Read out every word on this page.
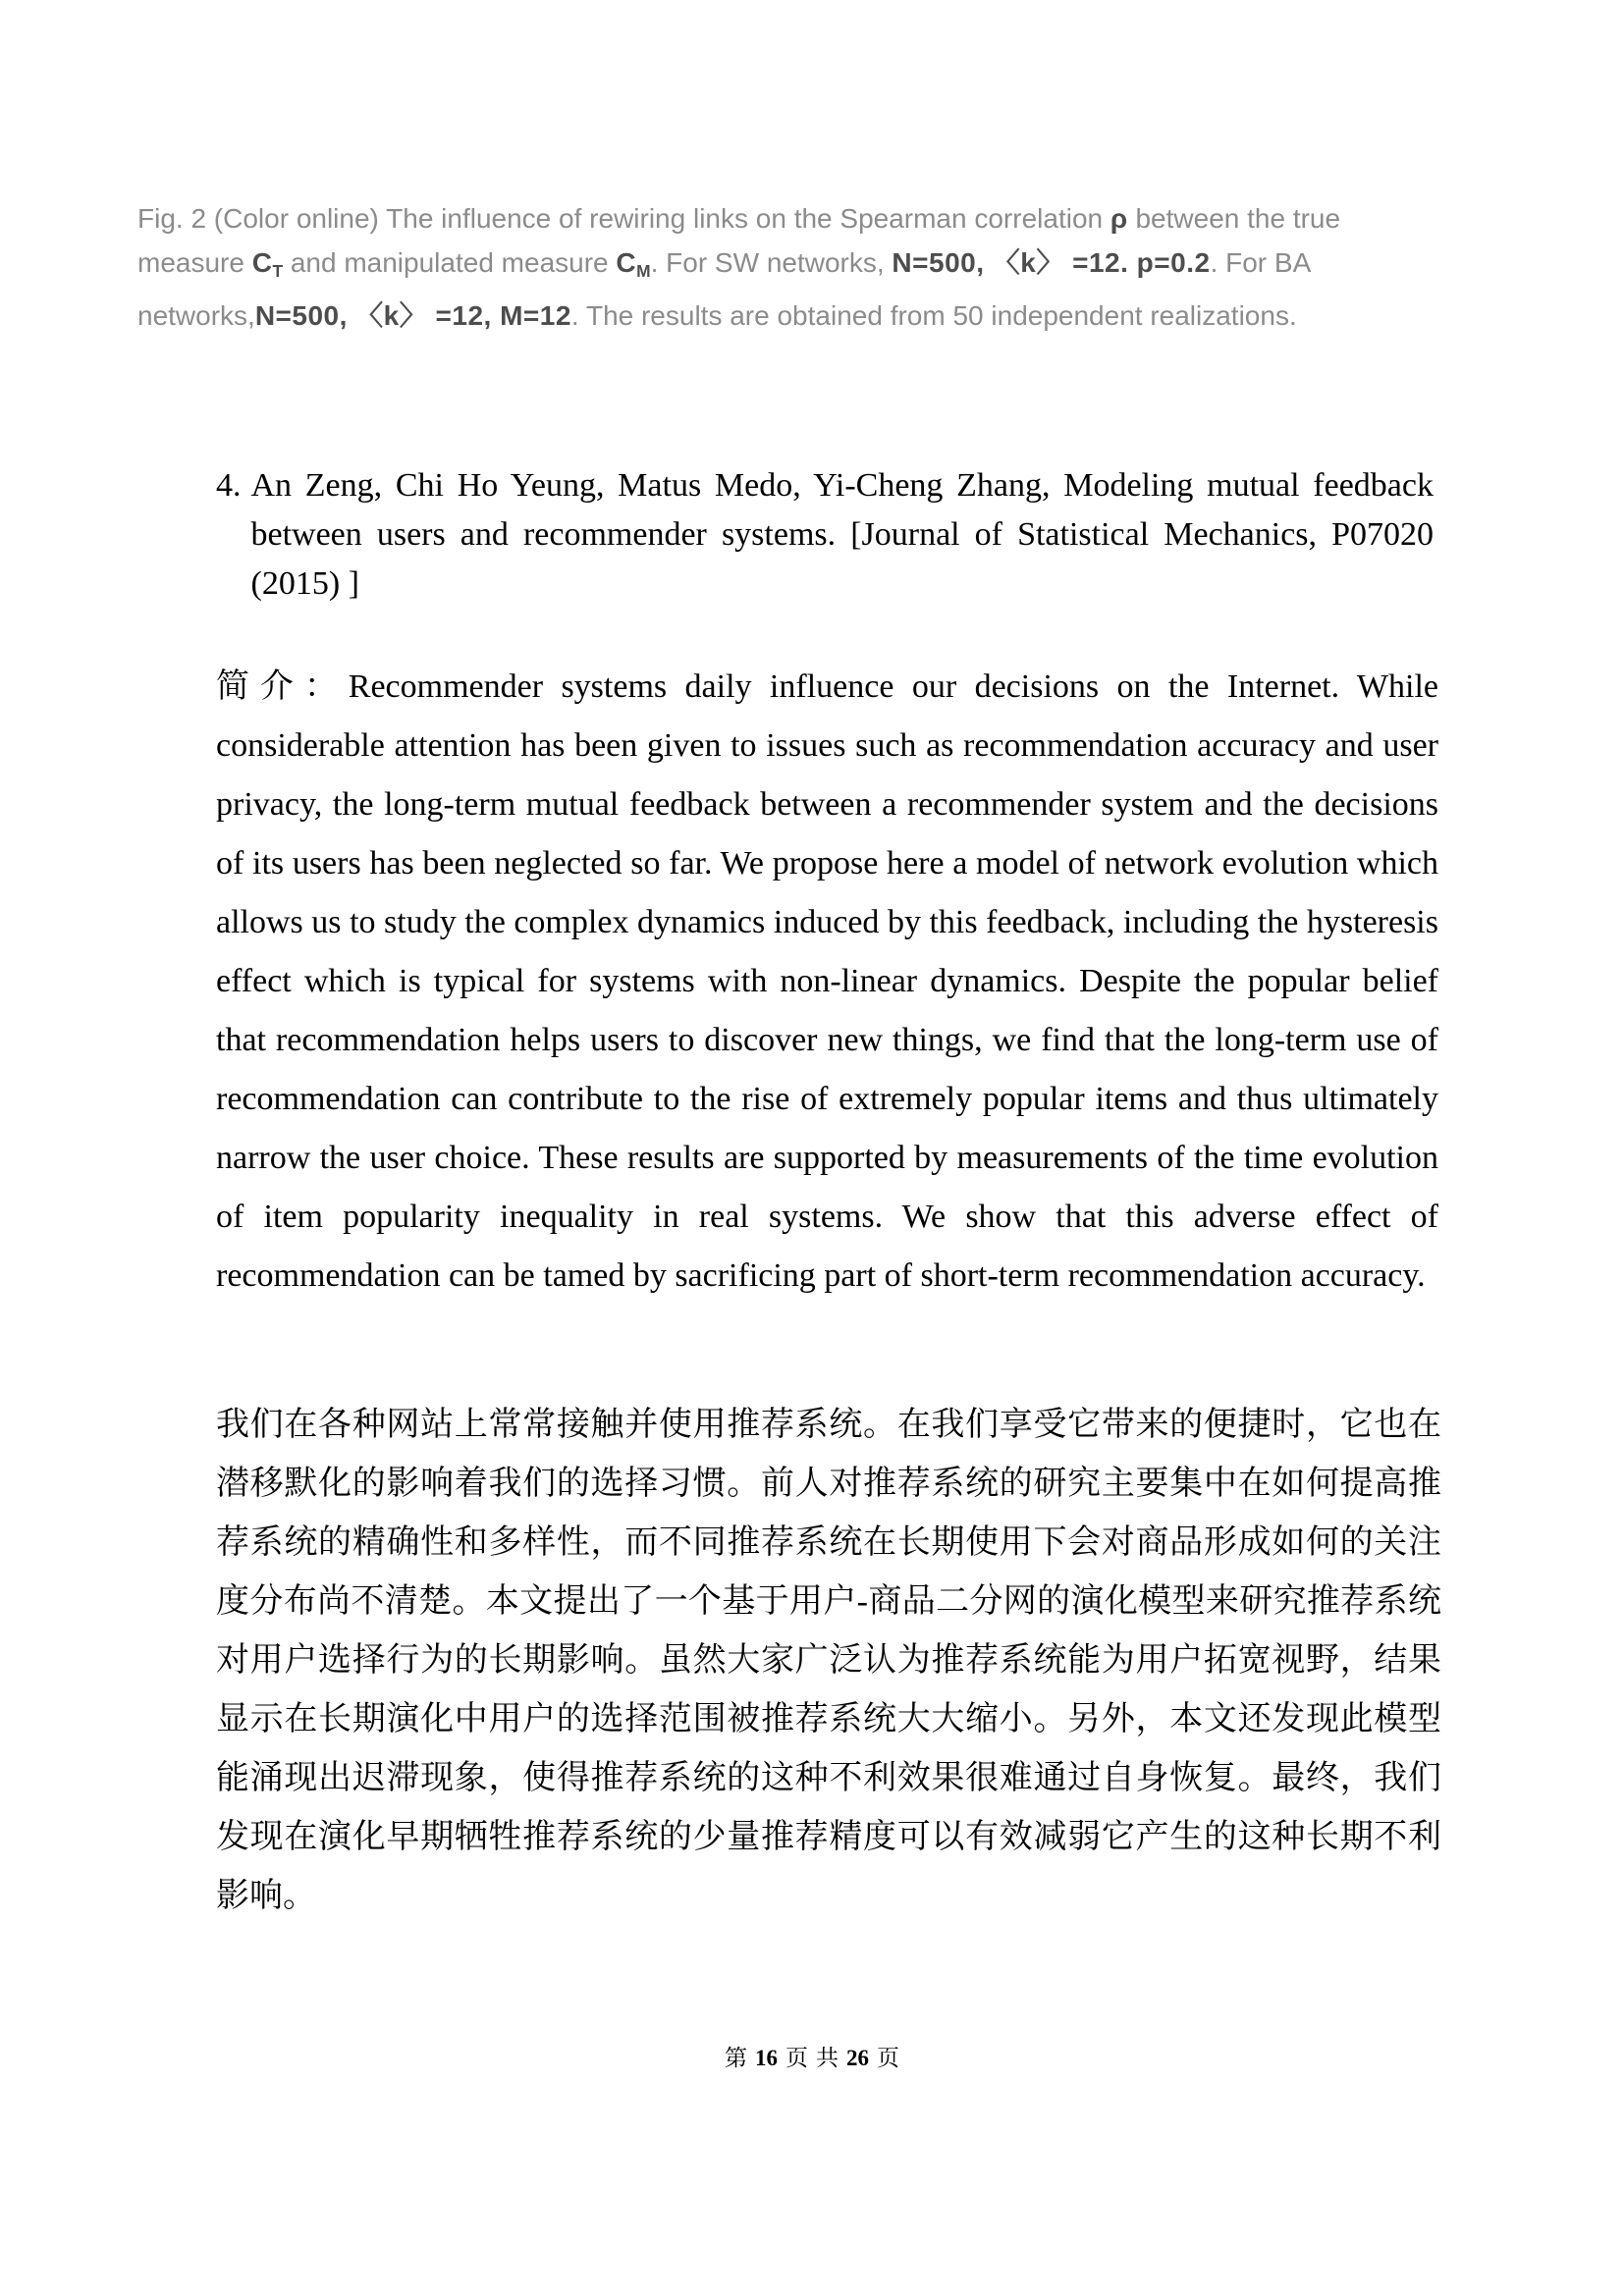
Fig. 2 (Color online) The influence of rewiring links on the Spearman correlation ρ between the true measure CT and manipulated measure CM. For SW networks, N=500, 〈k〉 =12. p=0.2. For BA networks,N=500, 〈k〉 =12, M=12. The results are obtained from 50 independent realizations.
4. An Zeng, Chi Ho Yeung, Matus Medo, Yi-Cheng Zhang, Modeling mutual feedback between users and recommender systems. [Journal of Statistical Mechanics, P07020 (2015) ]
简介：Recommender systems daily influence our decisions on the Internet. While considerable attention has been given to issues such as recommendation accuracy and user privacy, the long-term mutual feedback between a recommender system and the decisions of its users has been neglected so far. We propose here a model of network evolution which allows us to study the complex dynamics induced by this feedback, including the hysteresis effect which is typical for systems with non-linear dynamics. Despite the popular belief that recommendation helps users to discover new things, we find that the long-term use of recommendation can contribute to the rise of extremely popular items and thus ultimately narrow the user choice. These results are supported by measurements of the time evolution of item popularity inequality in real systems. We show that this adverse effect of recommendation can be tamed by sacrificing part of short-term recommendation accuracy.
我们在各种网站上常常接触并使用推荐系统。在我们享受它带来的便捷时，它也在潜移默化的影响着我们的选择习惯。前人对推荐系统的研究主要集中在如何提高推荐系统的精确性和多样性，而不同推荐系统在长期使用下会对商品形成如何的关注度分布尚不清楚。本文提出了一个基于用户-商品二分网的演化模型来研究推荐系统对用户选择行为的长期影响。虽然大家广泛认为推荐系统能为用户拓宽视野，结果显示在长期演化中用户的选择范围被推荐系统大大缩小。另外，本文还发现此模型能涌现出迟滞现象，使得推荐系统的这种不利效果很难通过自身恢复。最终，我们发现在演化早期牺牲推荐系统的少量推荐精度可以有效减弱它产生的这种长期不利影响。
第 16 页 共 26 页
